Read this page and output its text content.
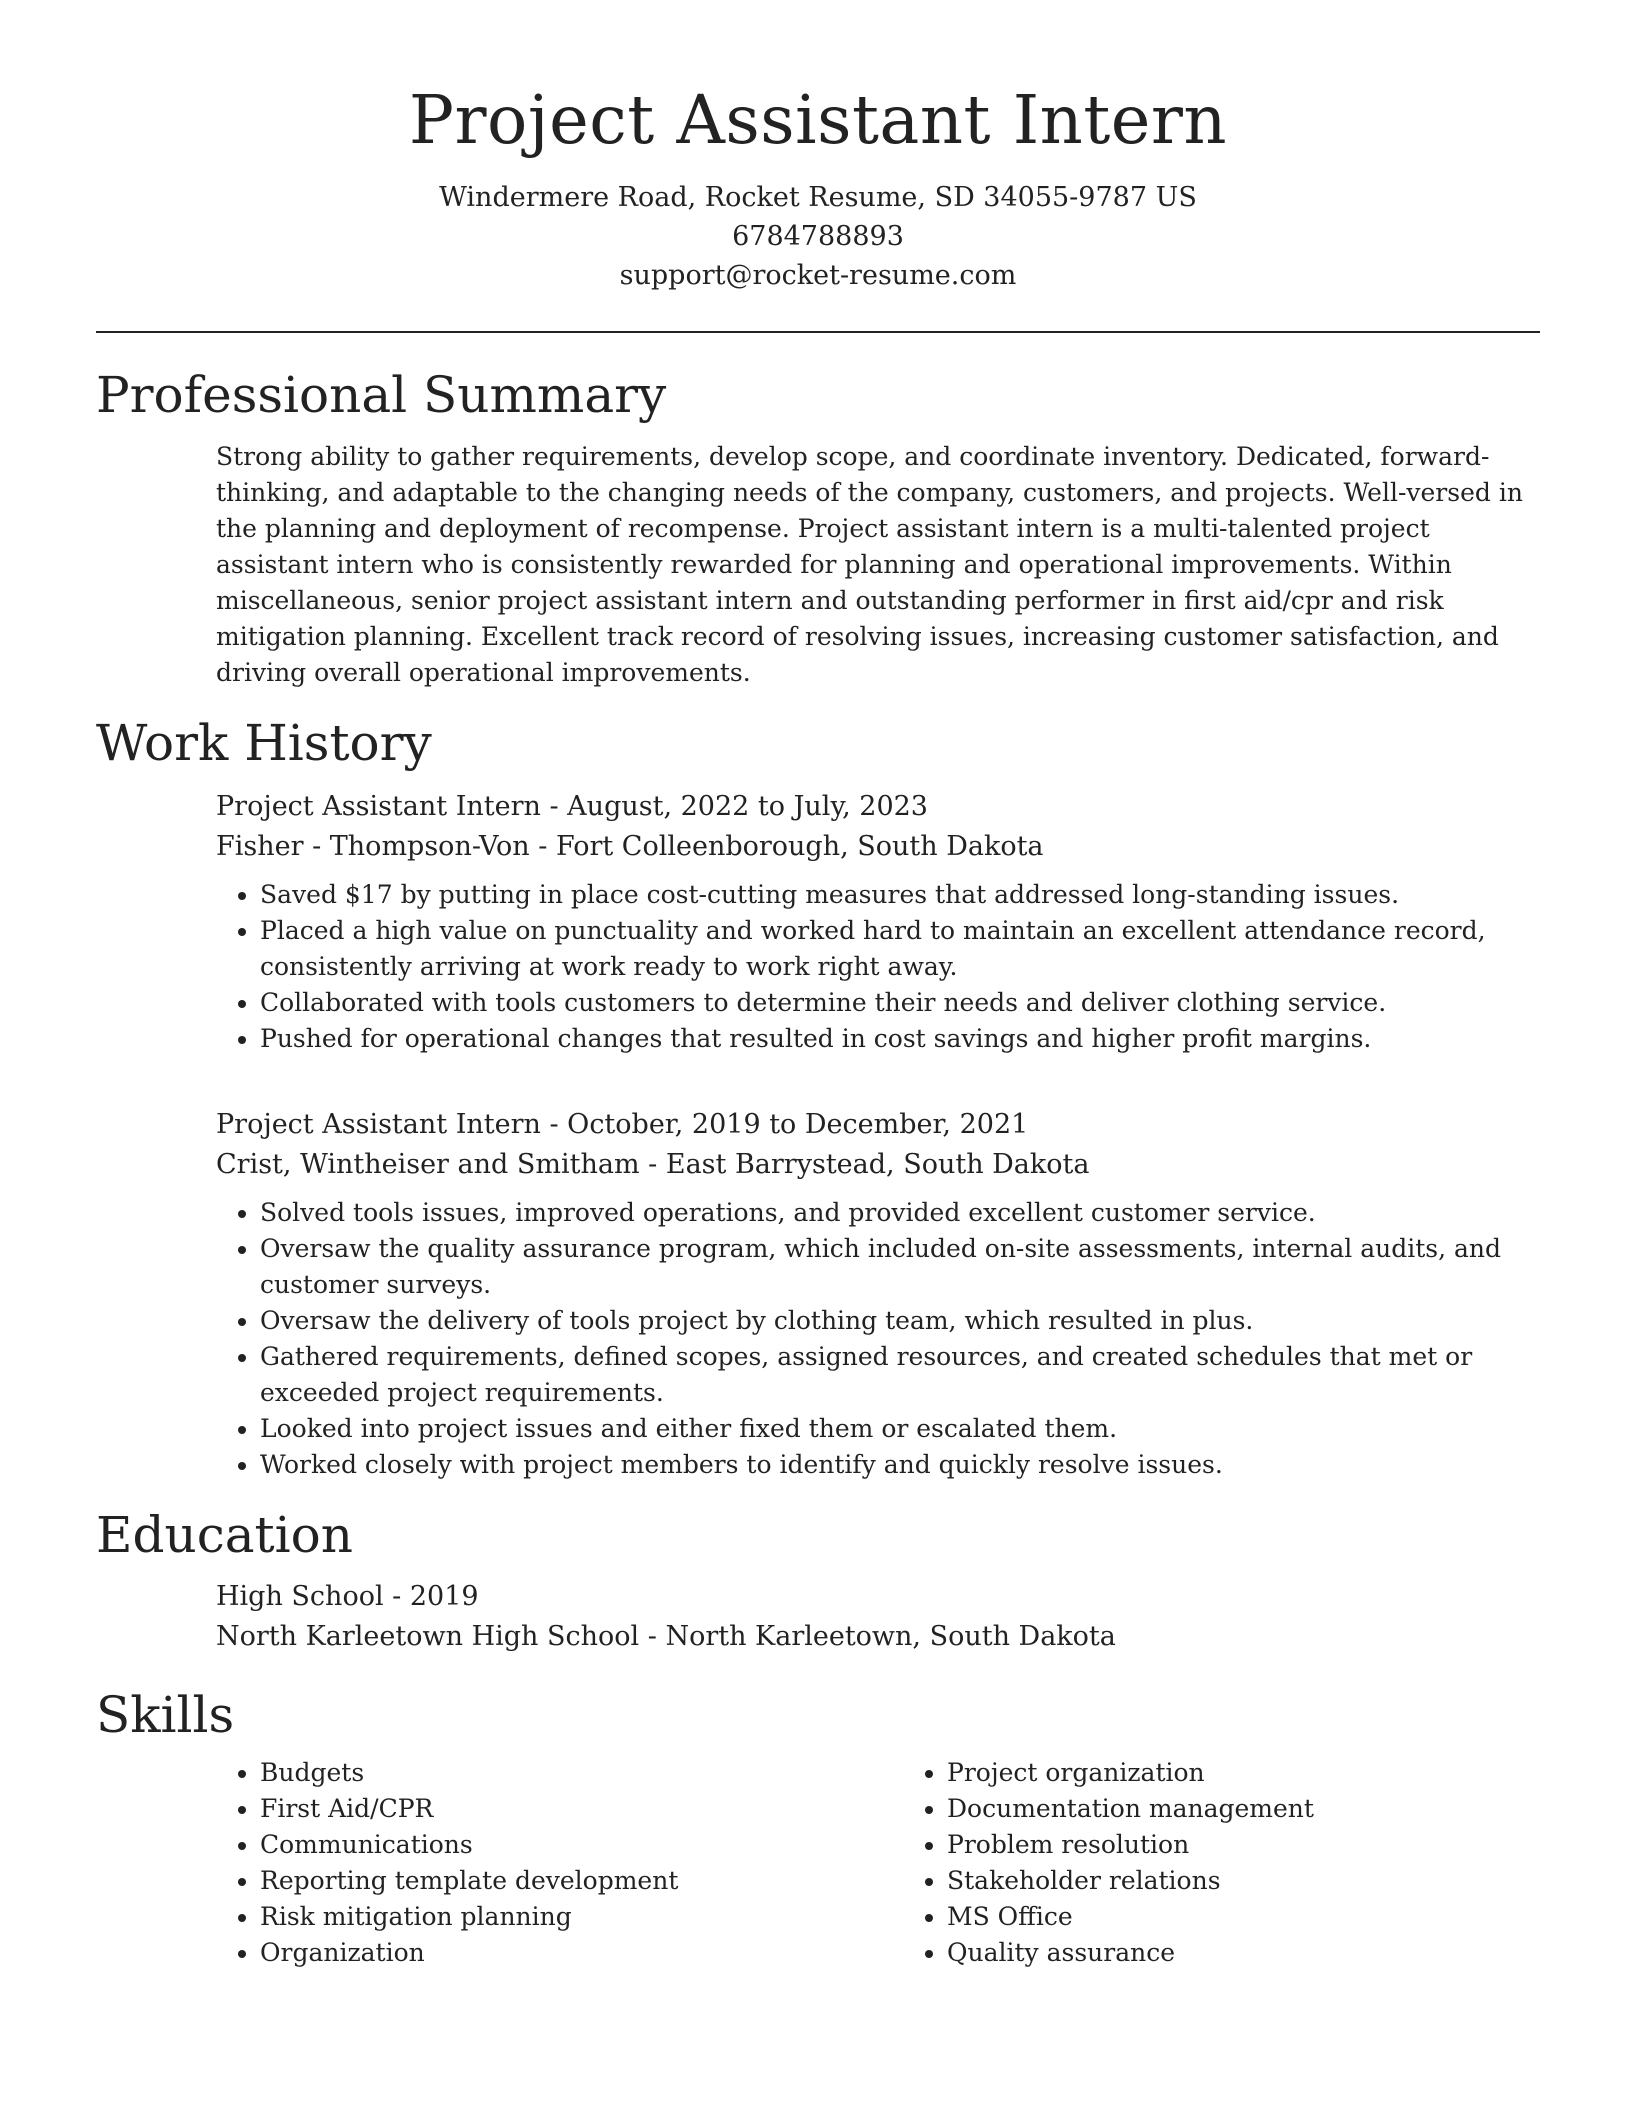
Project Assistant Intern
Windermere Road, Rocket Resume, SD 34055-9787 US
6784788893
support@rocket-resume.com
Professional Summary

Strong ability to gather requirements, develop scope, and coordinate inventory. Dedicated, forward-thinking, and adaptable to the changing needs of the company, customers, and projects. Well-versed in the planning and deployment of recompense. Project assistant intern is a multi-talented project assistant intern who is consistently rewarded for planning and operational improvements. Within miscellaneous, senior project assistant intern and outstanding performer in first aid/cpr and risk mitigation planning. Excellent track record of resolving issues, increasing customer satisfaction, and driving overall operational improvements.

Work History
Project Assistant Intern - August, 2022 to July, 2023
Fisher - Thompson-Von - Fort Colleenborough, South Dakota
• Saved $17 by putting in place cost-cutting measures that addressed long-standing issues.
• Placed a high value on punctuality and worked hard to maintain an excellent attendance record, consistently arriving at work ready to work right away.
• Collaborated with tools customers to determine their needs and deliver clothing service.
• Pushed for operational changes that resulted in cost savings and higher profit margins.
Project Assistant Intern - October, 2019 to December, 2021
Crist, Wintheiser and Smitham - East Barrystead, South Dakota
• Solved tools issues, improved operations, and provided excellent customer service.
• Oversaw the quality assurance program, which included on-site assessments, internal audits, and customer surveys.
• Oversaw the delivery of tools project by clothing team, which resulted in plus.
• Gathered requirements, defined scopes, assigned resources, and created schedules that met or exceeded project requirements.
• Looked into project issues and either fixed them or escalated them.
• Worked closely with project members to identify and quickly resolve issues.
Education
High School - 2019
North Karleetown High School - North Karleetown, South Dakota
Skills
• Budgets
• First Aid/CPR
• Communications
• Reporting template development
• Risk mitigation planning
• Organization
• Project organization
• Documentation management
• Problem resolution
• Stakeholder relations
• MS Office
• Quality assurance
